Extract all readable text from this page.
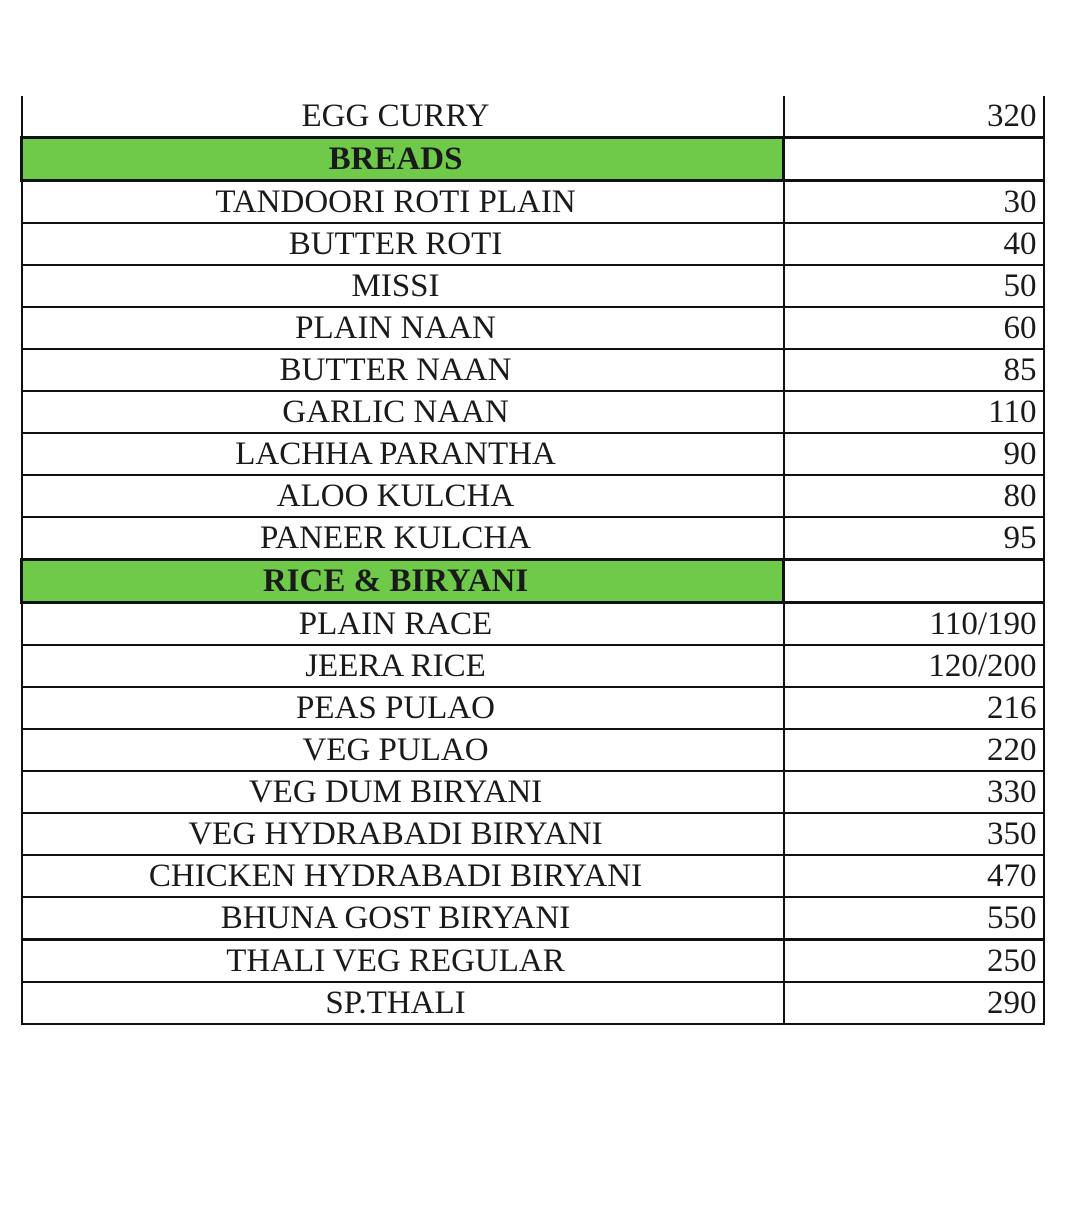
EGG CURRY	320
BREADS	
TANDOORI ROTI PLAIN	30
BUTTER ROTI	40
MISSI	50
PLAIN NAAN	60
BUTTER NAAN	85
GARLIC NAAN	110
LACHHA PARANTHA	90
ALOO KULCHA	80
PANEER KULCHA	95
RICE & BIRYANI	
PLAIN RACE	110/190
JEERA RICE	120/200
PEAS PULAO	216
VEG PULAO	220
VEG DUM BIRYANI	330
VEG HYDRABADI BIRYANI	350
CHICKEN HYDRABADI BIRYANI	470
BHUNA GOST BIRYANI	550
THALI VEG REGULAR	250
SP.THALI	290
